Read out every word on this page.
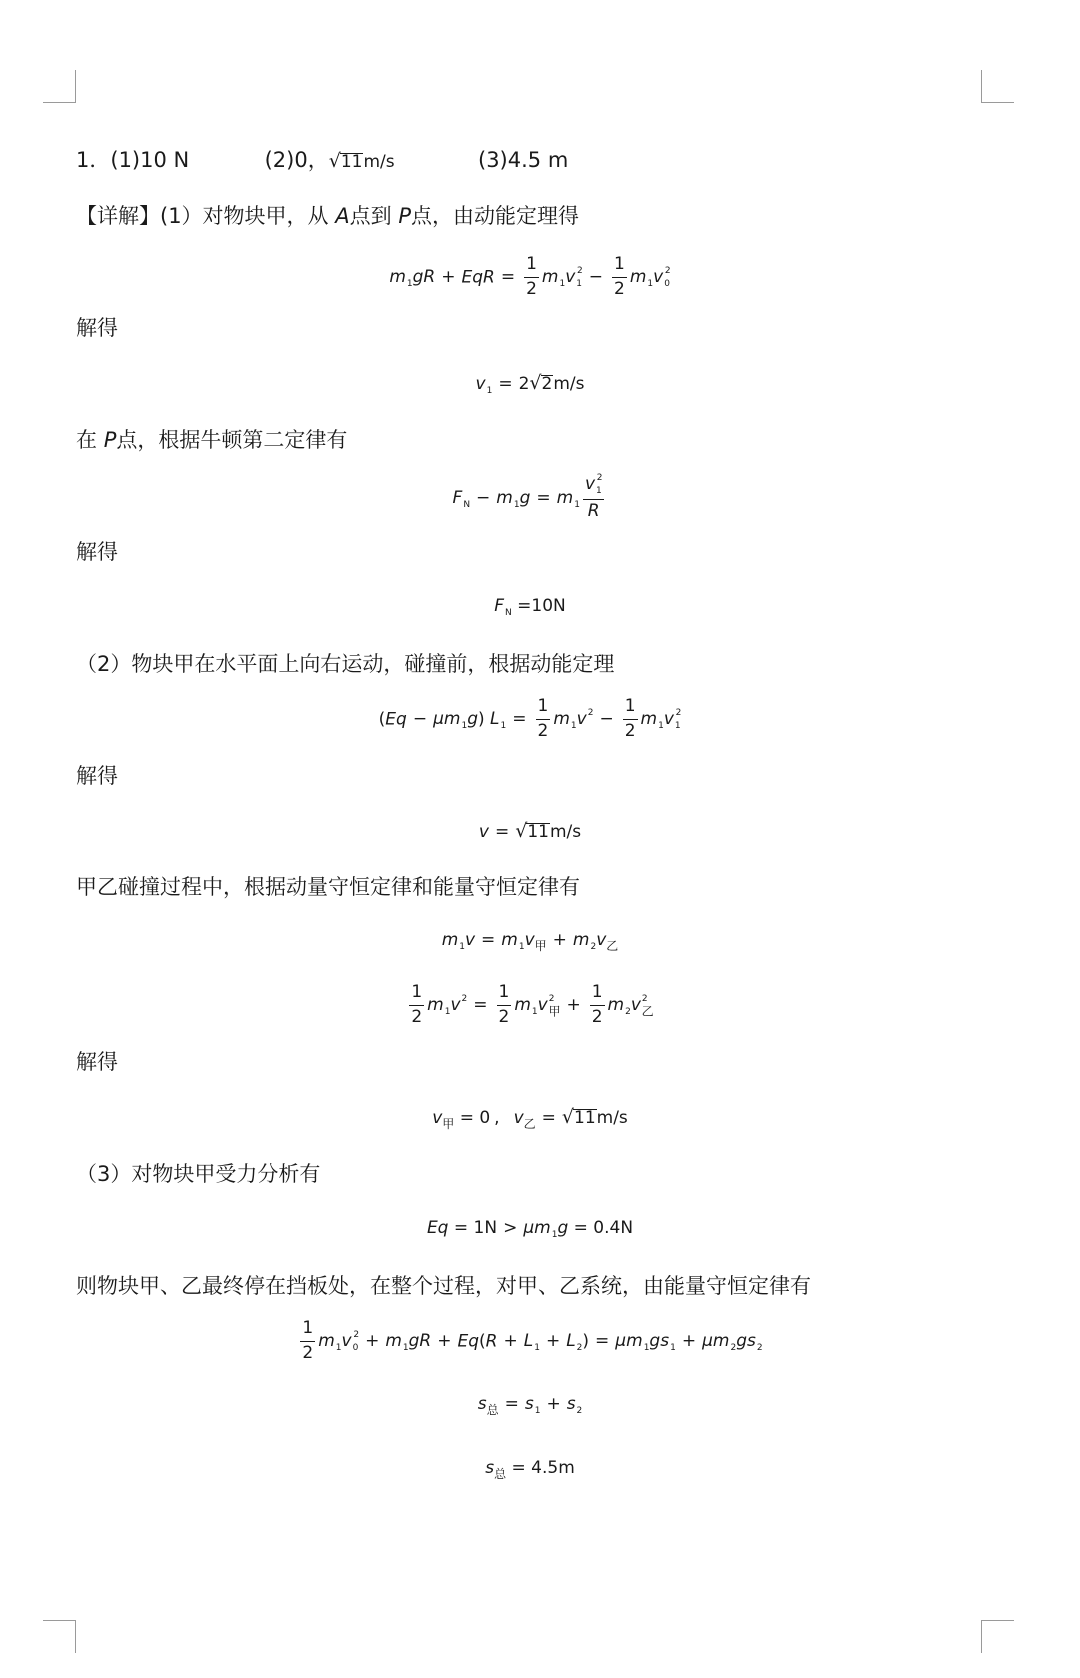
1．(1)10 N	(2)0，√11m/s	(3)4.5 m
【详解】(1）对物块甲，从 A点到 P点，由动能定理得
$m_1gR$ + EqR = $\frac{1}{2} m_1v_1^2 - \frac{1}{2} m_1v_0^2$
解得
$v_1 = 2√2m/s$
在 P点，根据牛顿第二定律有
$F_N - m_1g = m_1 \frac{v_1^2}{R}$
解得
$F_N =10N$
（2）物块甲在水平面上向右运动，碰撞前，根据动能定理
$(Eq - \mu m_1g)$ $L_1 = \frac{1}{2} m_1v^2 - \frac{1}{2} m_1v_1^2$
解得
v = √11m/s
甲乙碰撞过程中，根据动量守恒定律和能量守恒定律有
$m_1v = m_1v_甲 + m_2v_乙$
$\frac{1}{2} m_1v^2 = \frac{1}{2} m_1v^2_甲 + \frac{1}{2} m_2v^2_乙$
解得
$v_甲 = 0$ , $v_乙 = √11m/s$
（3）对物块甲受力分析有
$Eq = 1N > \mu m_1g = 0.4N$
则物块甲、乙最终停在挡板处，在整个过程，对甲、乙系统，由能量守恒定律有
$\frac{1}{2} m_1v_0^2 + m_1gR + Eq(R + L_1 + L_2) = \mu m_1gs_1 + \mu m_2gs_2$
$s_总 = s_1 + s_2$
$s_总 = 4.5m$
